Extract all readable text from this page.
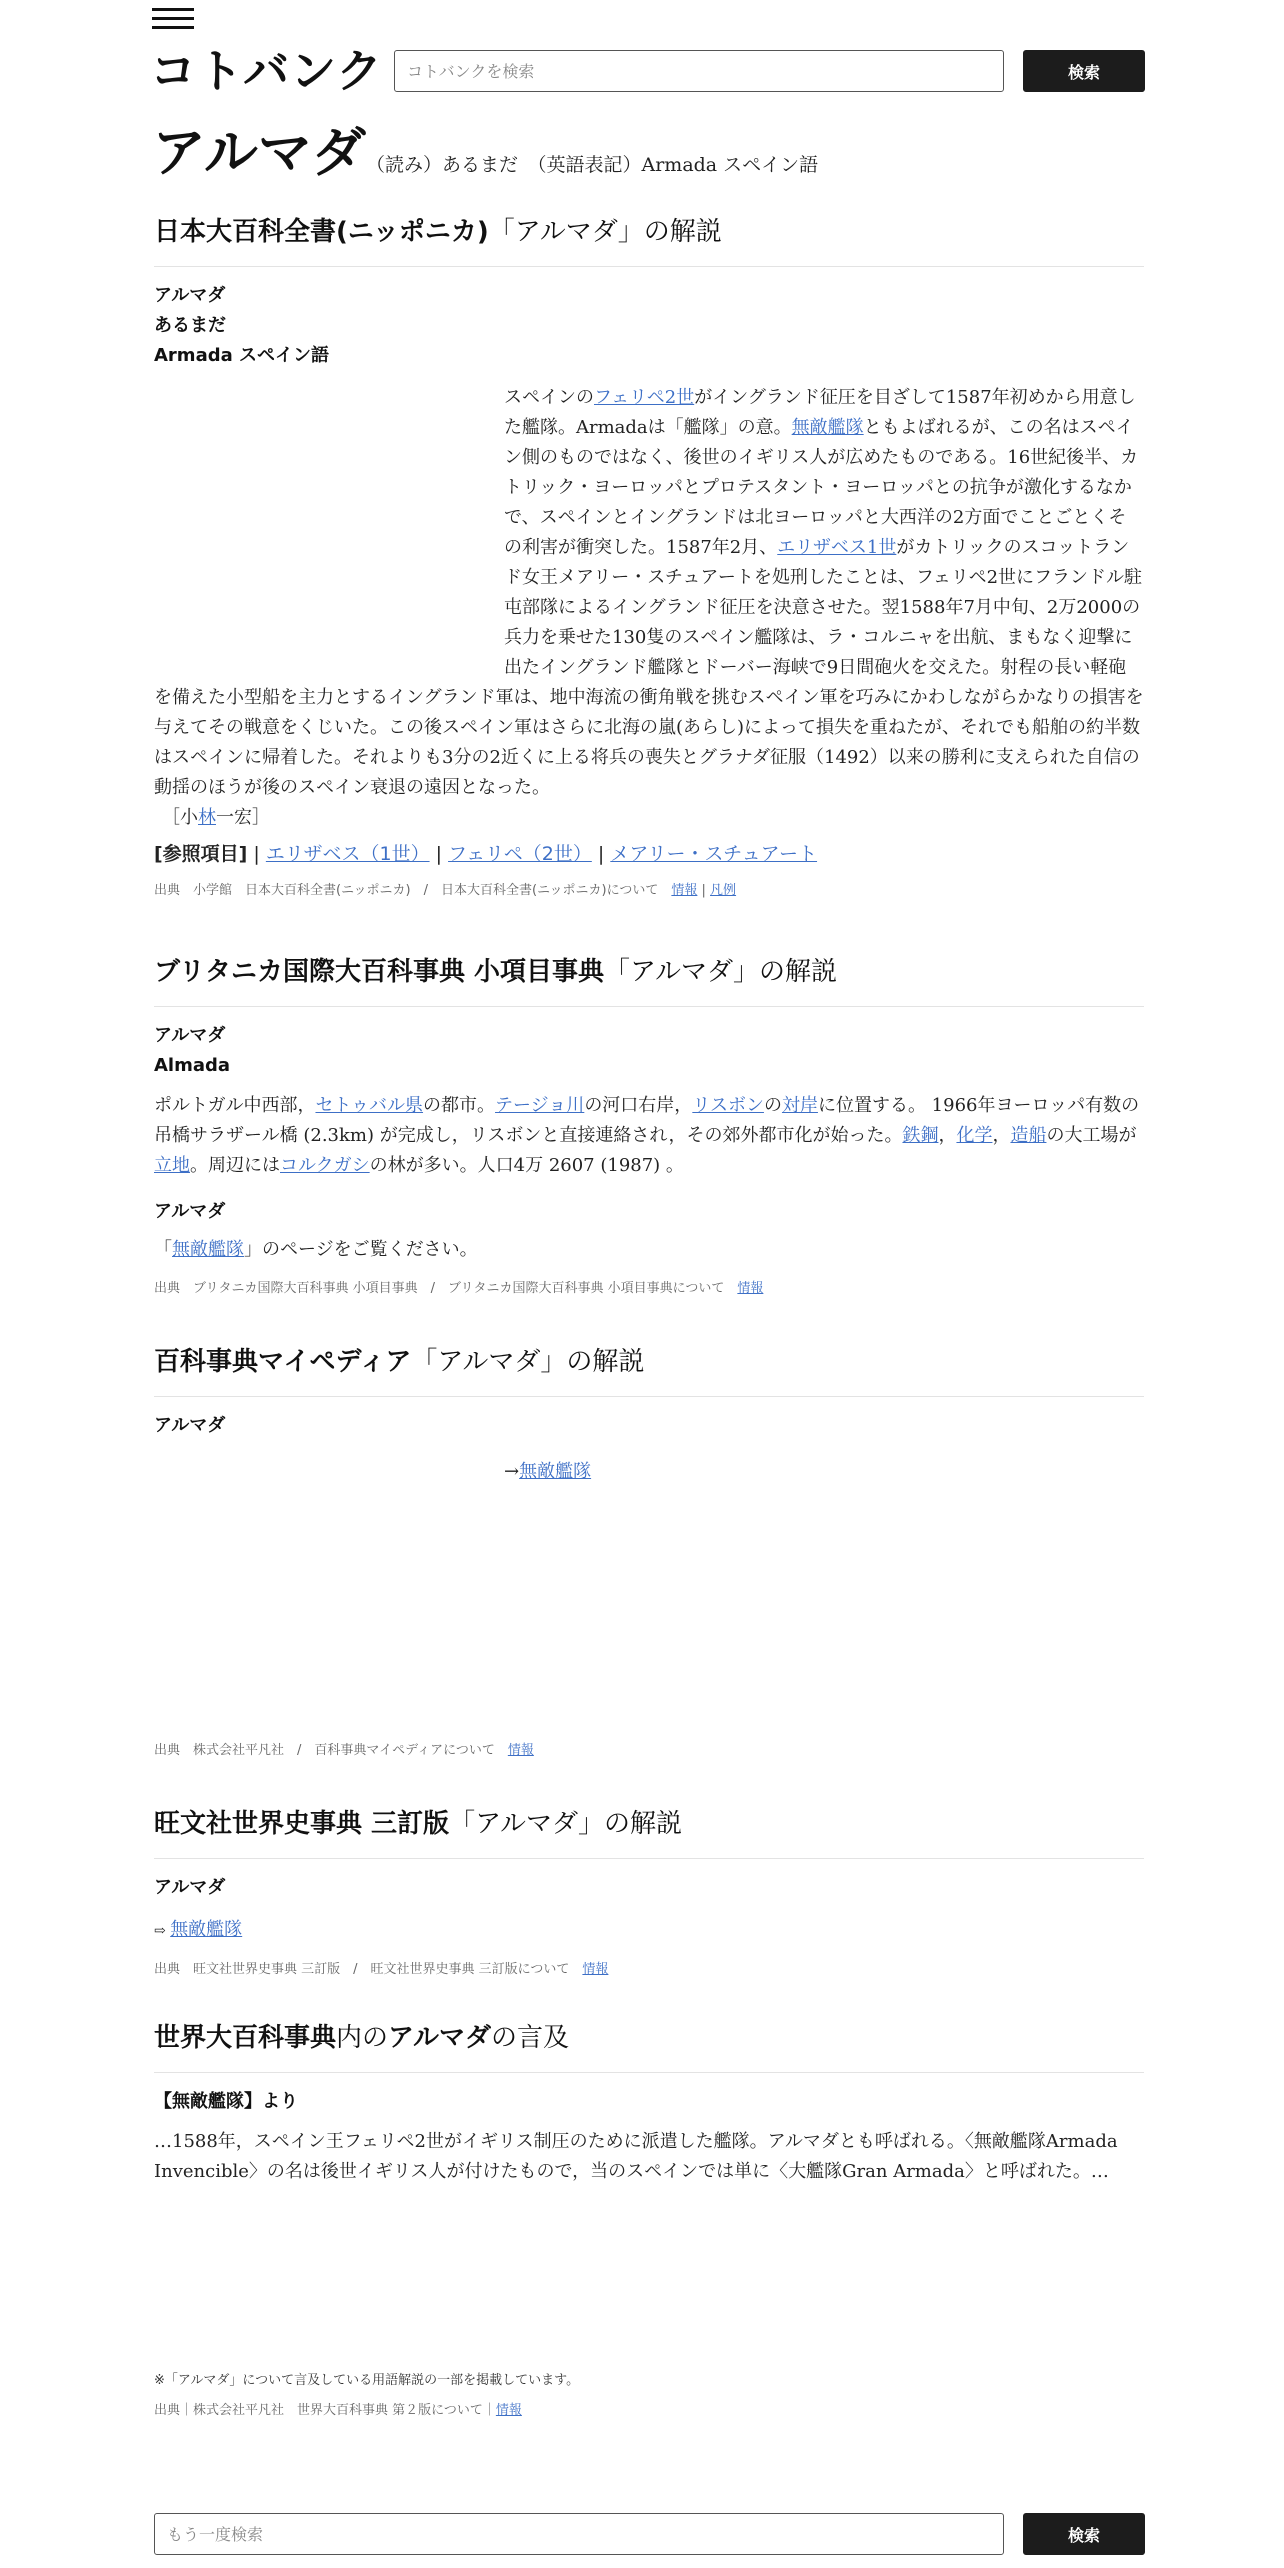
コトバンク
コトバンクを検索	検索
アルマダ （読み）あるまだ　（英語表記）Armada スペイン語
日本大百科全書(ニッポニカ)「アルマダ」の解説
アルマダ
あるまだ
Armada スペイン語
スペインのフェリペ2世がイングランド征圧を目ざして1587年初めから用意した艦隊。Armadaは「艦隊」の意。無敵艦隊ともよばれるが、この名はスペイン側のものではなく、後世のイギリス人が広めたものである。16世紀後半、カトリック・ヨーロッパとプロテスタント・ヨーロッパとの抗争が激化するなかで、スペインとイングランドは北ヨーロッパと大西洋の2方面でことごとくその利害が衝突した。1587年2月、エリザベス1世がカトリックのスコットランド女王メアリー・スチュアートを処刑したことは、フェリペ2世にフランドル駐屯部隊によるイングランド征圧を決意させた。翌1588年7月中旬、2万2000の兵力を乗せた130隻のスペイン艦隊は、ラ・コルニャを出航、まもなく迎撃に出たイングランド艦隊とドーバー海峡で9日間砲火を交えた。射程の長い軽砲を備えた小型船を主力とするイングランド軍は、地中海流の衝角戦を挑むスペイン軍を巧みにかわしながらかなりの損害を与えてその戦意をくじいた。この後スペイン軍はさらに北海の嵐(あらし)によって損失を重ねたが、それでも船舶の約半数はスペインに帰着した。それよりも3分の2近くに上る将兵の喪失とグラナダ征服（1492）以来の勝利に支えられた自信の動揺のほうが後のスペイン衰退の遠因となった。
［小林一宏］
[参照項目] | エリザベス（1世） | フェリペ（2世） | メアリー・スチュアート
出典　小学館　日本大百科全書(ニッポニカ)　/　日本大百科全書(ニッポニカ)について　情報 | 凡例
ブリタニカ国際大百科事典 小項目事典「アルマダ」の解説
アルマダ
Almada
ポルトガル中西部，セトゥバル県の都市。テージョ川の河口右岸，リスボンの対岸に位置する。 1966年ヨーロッパ有数の吊橋サラザール橋 (2.3km) が完成し，リスボンと直接連絡され，その郊外都市化が始った。鉄鋼，化学，造船の大工場が立地。周辺にはコルクガシの林が多い。人口4万 2607 (1987) 。
アルマダ
「無敵艦隊」のページをご覧ください。
出典　ブリタニカ国際大百科事典 小項目事典　/　ブリタニカ国際大百科事典 小項目事典について　情報
百科事典マイペディア「アルマダ」の解説
アルマダ
→無敵艦隊
出典　株式会社平凡社　/　百科事典マイペディアについて　情報
旺文社世界史事典 三訂版「アルマダ」の解説
アルマダ
⇨ 無敵艦隊
出典　旺文社世界史事典 三訂版　/　旺文社世界史事典 三訂版について　情報
世界大百科事典内のアルマダの言及
【無敵艦隊】より
…1588年，スペイン王フェリペ2世がイギリス制圧のために派遣した艦隊。アルマダとも呼ばれる。〈無敵艦隊Armada Invencible〉の名は後世イギリス人が付けたもので，当のスペインでは単に〈大艦隊Gran Armada〉と呼ばれた。…
※「アルマダ」について言及している用語解説の一部を掲載しています。
出典｜株式会社平凡社　世界大百科事典 第２版について｜情報
もう一度検索
検索
